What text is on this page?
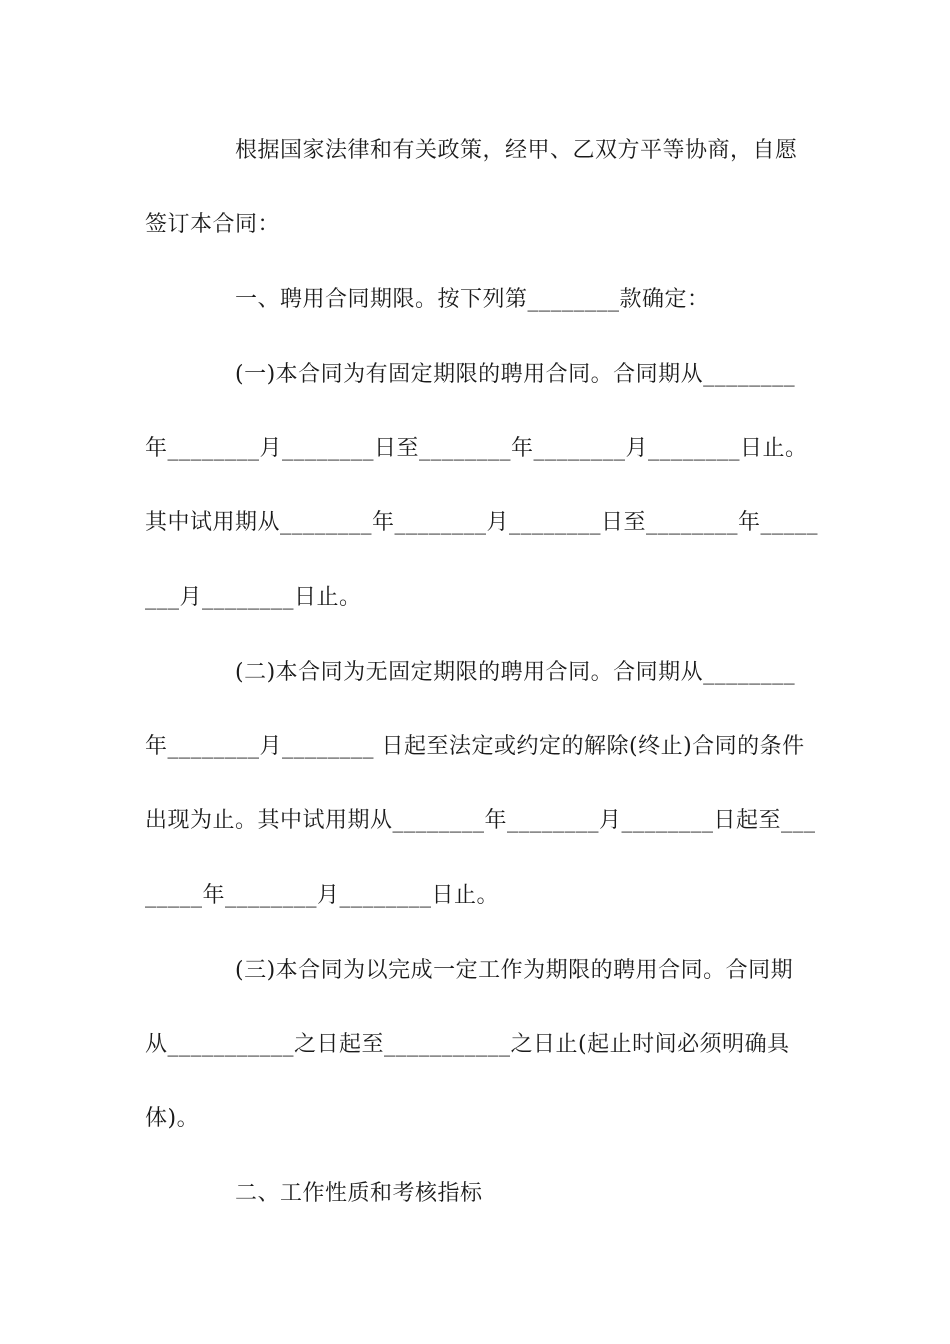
根据国家法律和有关政策，经甲、乙双方平等协商，自愿
签订本合同：
一、聘用合同期限。按下列第________款确定：
(一)本合同为有固定期限的聘用合同。合同期从________
年________月________日至________年________月________日止。
其中试用期从________年________月________日至________年_____
___月________日止。
(二)本合同为无固定期限的聘用合同。合同期从________
年________月________ 日起至法定或约定的解除(终止)合同的条件
出现为止。其中试用期从________年________月________日起至___
_____年________月________日止。
(三)本合同为以完成一定工作为期限的聘用合同。合同期
从___________之日起至___________之日止(起止时间必须明确具
体)。
二、工作性质和考核指标
